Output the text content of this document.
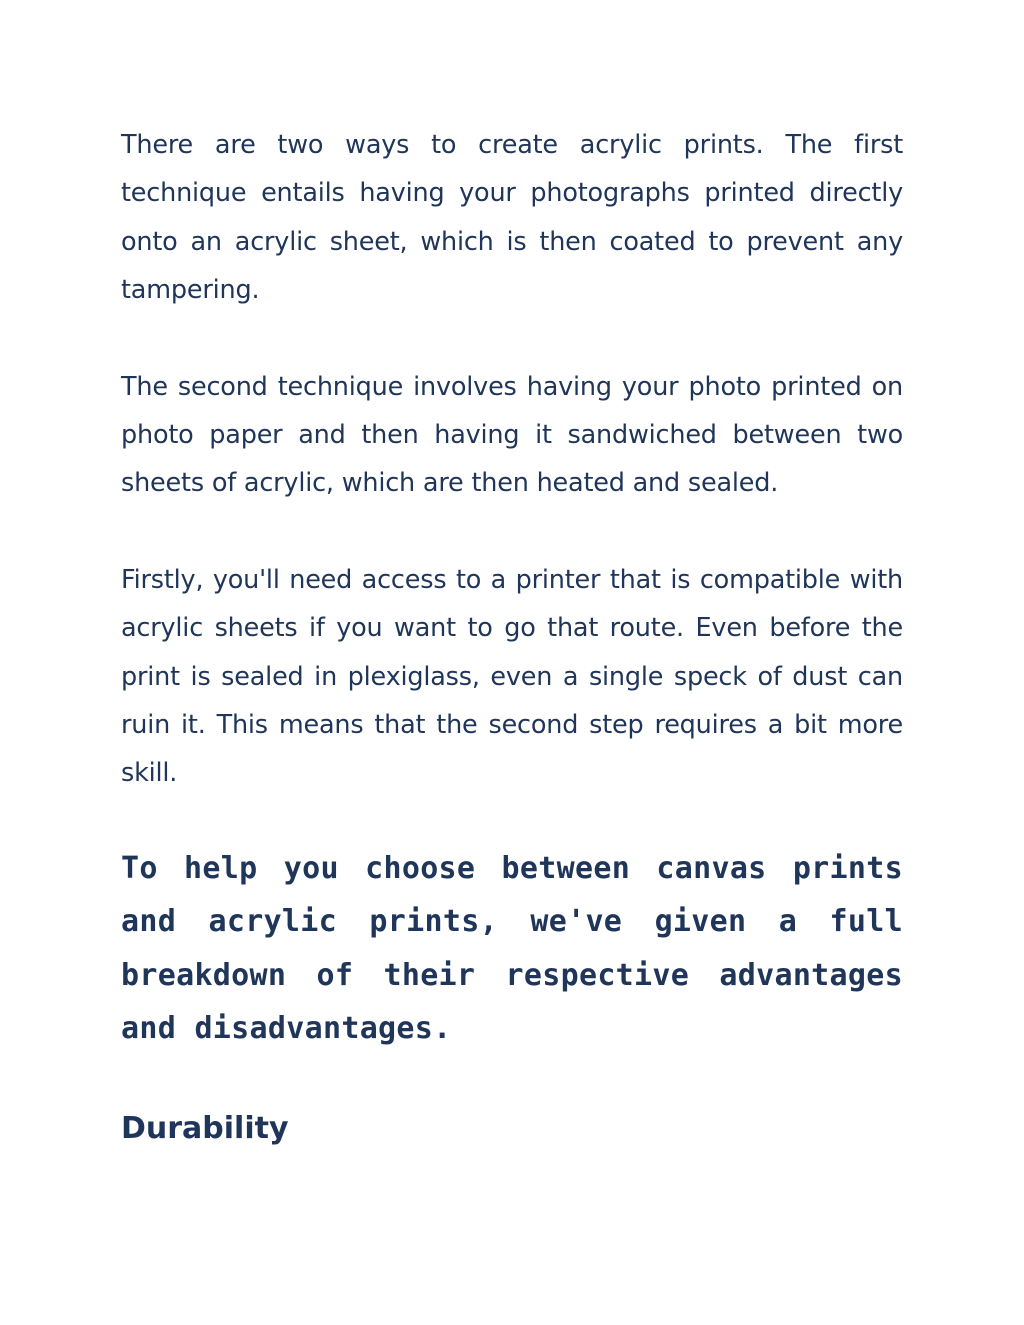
There are two ways to create acrylic prints. The first technique entails having your photographs printed directly onto an acrylic sheet, which is then coated to prevent any tampering.

The second technique involves having your photo printed on photo paper and then having it sandwiched between two sheets of acrylic, which are then heated and sealed.

Firstly, you'll need access to a printer that is compatible with acrylic sheets if you want to go that route. Even before the print is sealed in plexiglass, even a single speck of dust can ruin it. This means that the second step requires a bit more skill.

To help you choose between canvas prints and acrylic prints, we've given a full breakdown of their respective advantages and disadvantages.

Durability
